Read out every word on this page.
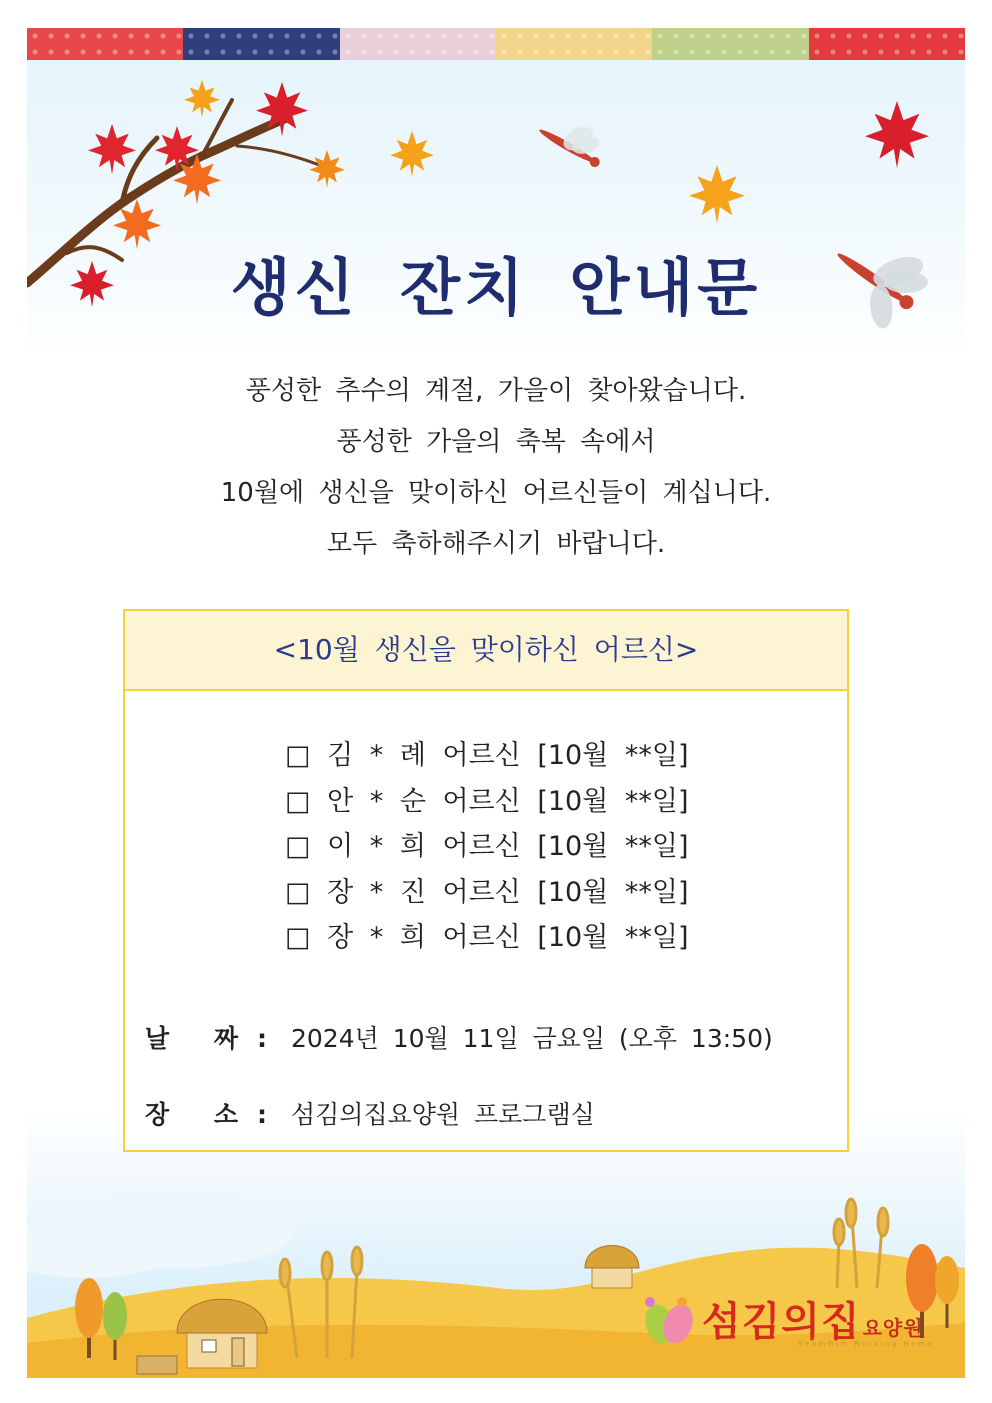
섬김의집 요양원
SeomGim Nursing Home
생신 잔치 안내문
풍성한 추수의 계절, 가을이 찾아왔습니다.
풍성한 가을의 축복 속에서
10월에 생신을 맞이하신 어르신들이 계십니다.
모두 축하해주시기 바랍니다.
<10월 생신을 맞이하신 어르신>
□ 김 * 례 어르신 [10월 **일]
□ 안 * 순 어르신 [10월 **일]
□ 이 * 희 어르신 [10월 **일]
□ 장 * 진 어르신 [10월 **일]
□ 장 * 희 어르신 [10월 **일]
날 짜: 2024년 10월 11일 금요일 (오후 13:50)
장 소: 섬김의집요양원 프로그램실
